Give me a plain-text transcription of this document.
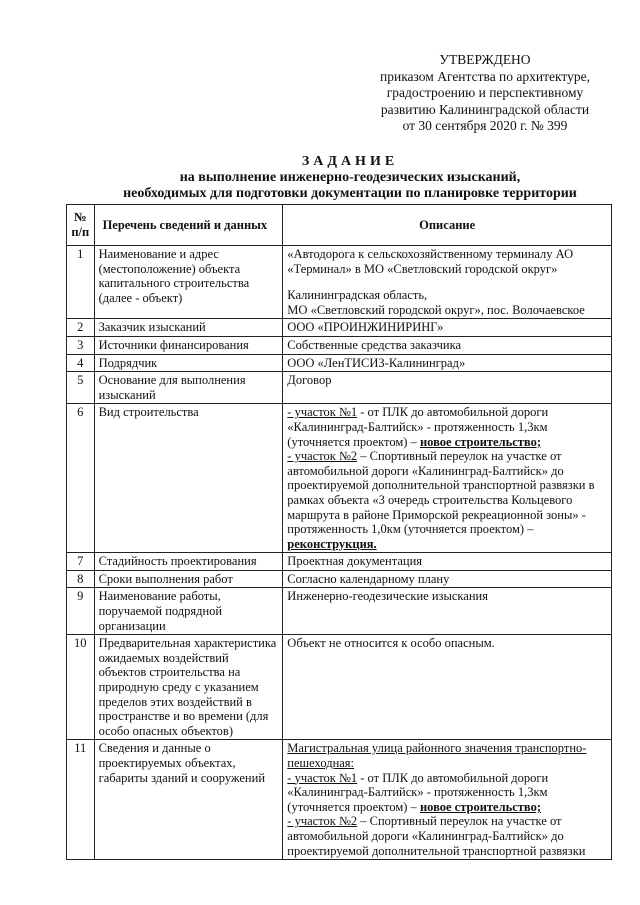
УТВЕРЖДЕНО
приказом Агентства по архитектуре,
градостроению и перспективному
развитию Калининградской области
от 30 сентября 2020 г. № 399
ЗАДАНИЕ
на выполнение инженерно-геодезических изысканий,
необходимых для подготовки документации по планировке территории
№ п/п	Перечень сведений и данных	Описание
1	Наименование и адрес (местоположение) объекта капитального строительства (далее - объект)	«Автодорога к сельскохозяйственному терминалу АО «Терминал» в МО «Светловский городской округ»
Калининградская область,
МО «Светловский городской округ», пос. Волочаевское

2	Заказчик изысканий	ООО «ПРОИНЖИНИРИНГ»
3	Источники финансирования	Собственные средства заказчика
4	Подрядчик	ООО «ЛенТИСИЗ-Калининград»
5	Основание для выполнения изысканий	Договор
6	Вид строительства	- участок №1 - от ПЛК до автомобильной дороги «Калининград-Балтийск» - протяженность 1,3км (уточняется проектом) – новое строительство;
- участок №2 – Спортивный переулок на участке от автомобильной дороги «Калининград-Балтийск» до проектируемой дополнительной транспортной развязки в рамках объекта «3 очередь строительства Кольцевого маршрута в районе Приморской рекреационной зоны» - протяженность 1,0км (уточняется проектом) – реконструкция.

7	Стадийность проектирования	Проектная документация
8	Сроки выполнения работ	Согласно календарному плану
9	Наименование работы, поручаемой подрядной организации	Инженерно-геодезические изыскания
10	Предварительная характеристика ожидаемых воздействий объектов строительства на природную среду с указанием пределов этих воздействий в пространстве и во времени (для особо опасных объектов)	Объект не относится к особо опасным.
11	Сведения и данные о проектируемых объектах, габариты зданий и сооружений	Магистральная улица районного значения транспортно-пешеходная:
- участок №1 - от ПЛК до автомобильной дороги «Калининград-Балтийск» - протяженность 1,3км (уточняется проектом) – новое строительство;
- участок №2 – Спортивный переулок на участке от автомобильной дороги «Калининград-Балтийск» до проектируемой дополнительной транспортной развязки
